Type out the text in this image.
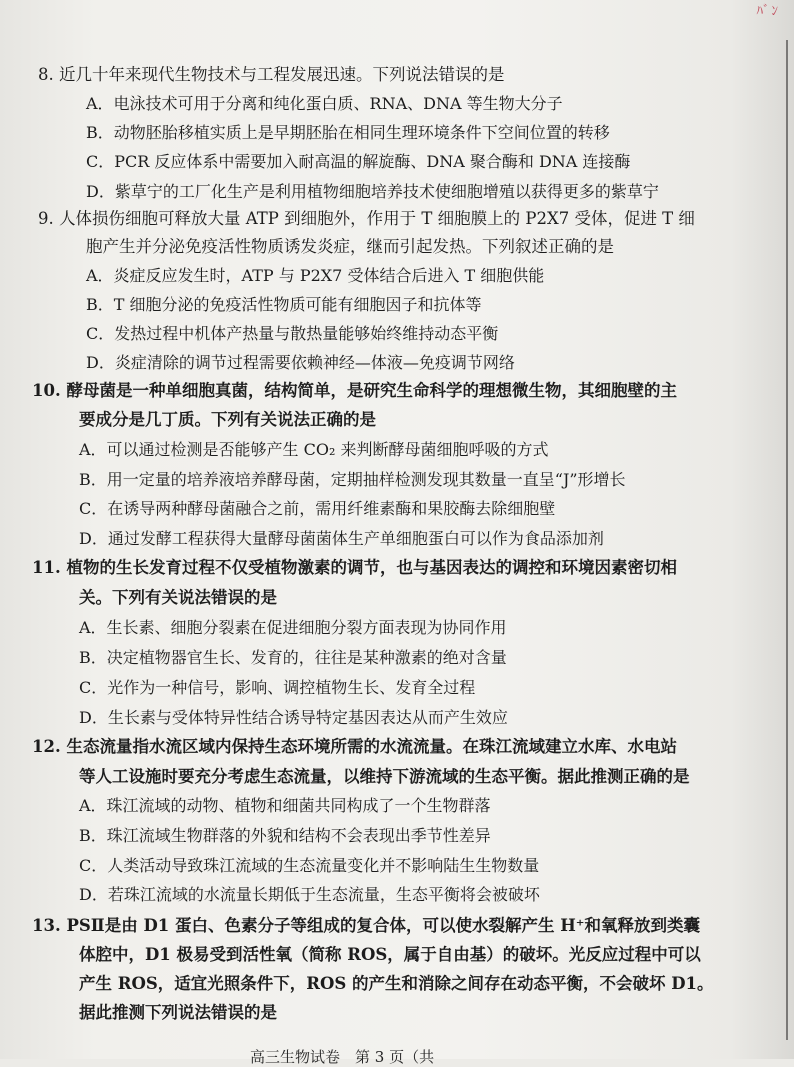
ﾊﾞﾝ
8. 近几十年来现代生物技术与工程发展迅速。下列说法错误的是
A．电泳技术可用于分离和纯化蛋白质、RNA、DNA 等生物大分子
B．动物胚胎移植实质上是早期胚胎在相同生理环境条件下空间位置的转移
C．PCR 反应体系中需要加入耐高温的解旋酶、DNA 聚合酶和 DNA 连接酶
D．紫草宁的工厂化生产是利用植物细胞培养技术使细胞增殖以获得更多的紫草宁
9. 人体损伤细胞可释放大量 ATP 到细胞外，作用于 T 细胞膜上的 P2X7 受体，促进 T 细
胞产生并分泌免疫活性物质诱发炎症，继而引起发热。下列叙述正确的是
A．炎症反应发生时，ATP 与 P2X7 受体结合后进入 T 细胞供能
B．T 细胞分泌的免疫活性物质可能有细胞因子和抗体等
C．发热过程中机体产热量与散热量能够始终维持动态平衡
D．炎症清除的调节过程需要依赖神经—体液—免疫调节网络
10. 酵母菌是一种单细胞真菌，结构简单，是研究生命科学的理想微生物，其细胞壁的主
要成分是几丁质。下列有关说法正确的是
A．可以通过检测是否能够产生 CO₂ 来判断酵母菌细胞呼吸的方式
B．用一定量的培养液培养酵母菌，定期抽样检测发现其数量一直呈“J”形增长
C．在诱导两种酵母菌融合之前，需用纤维素酶和果胶酶去除细胞壁
D．通过发酵工程获得大量酵母菌菌体生产单细胞蛋白可以作为食品添加剂
11. 植物的生长发育过程不仅受植物激素的调节，也与基因表达的调控和环境因素密切相
关。下列有关说法错误的是
A．生长素、细胞分裂素在促进细胞分裂方面表现为协同作用
B．决定植物器官生长、发育的，往往是某种激素的绝对含量
C．光作为一种信号，影响、调控植物生长、发育全过程
D．生长素与受体特异性结合诱导特定基因表达从而产生效应
12. 生态流量指水流区域内保持生态环境所需的水流流量。在珠江流域建立水库、水电站
等人工设施时要充分考虑生态流量，以维持下游流域的生态平衡。据此推测正确的是
A．珠江流域的动物、植物和细菌共同构成了一个生物群落
B．珠江流域生物群落的外貌和结构不会表现出季节性差异
C．人类活动导致珠江流域的生态流量变化并不影响陆生生物数量
D．若珠江流域的水流量长期低于生态流量，生态平衡将会被破坏
13. PSⅡ是由 D1 蛋白、色素分子等组成的复合体，可以使水裂解产生 H⁺和氧释放到类囊
体腔中，D1 极易受到活性氧（简称 ROS，属于自由基）的破坏。光反应过程中可以
产生 ROS，适宜光照条件下，ROS 的产生和消除之间存在动态平衡，不会破坏 D1。
据此推测下列说法错误的是
高三生物试卷　第 3 页（共
